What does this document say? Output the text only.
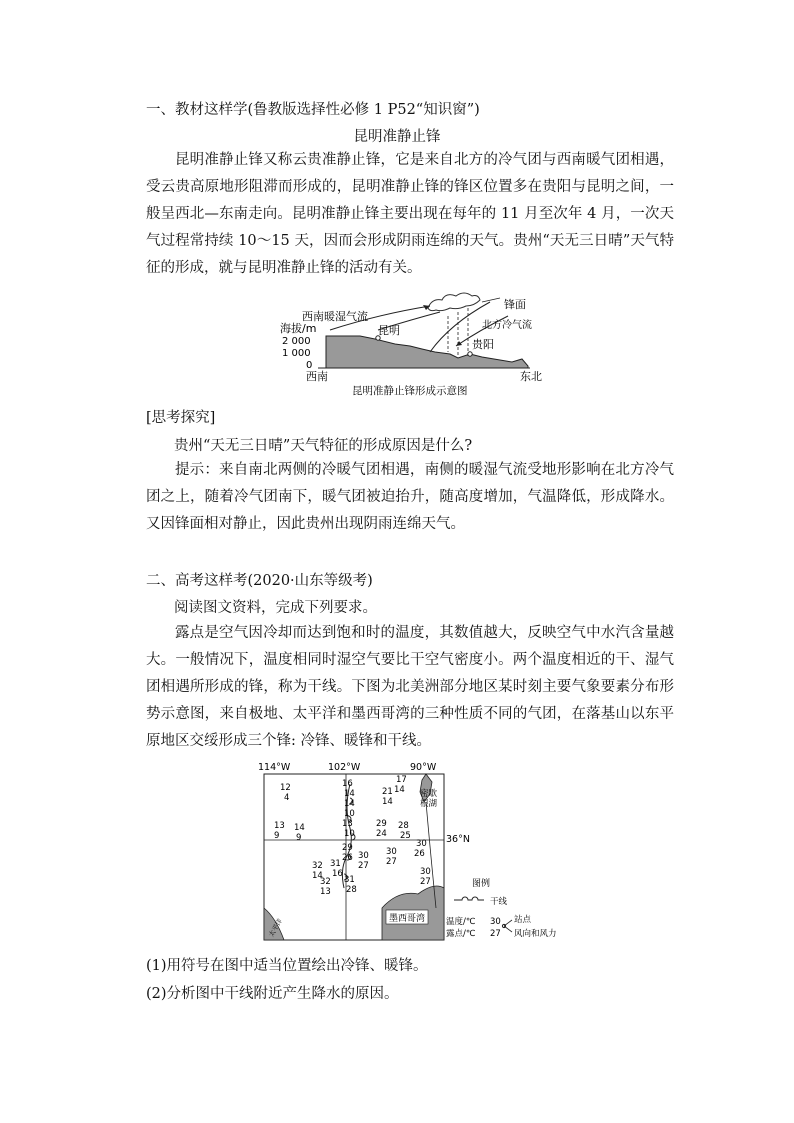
一、教材这样学(鲁教版选择性必修 1 P52“知识窗”)
昆明准静止锋
昆明准静止锋又称云贵准静止锋，它是来自北方的冷气团与西南暖气团相遇，受云贵高原地形阻滞而形成的，昆明准静止锋的锋区位置多在贵阳与昆明之间，一般呈西北—东南走向。昆明准静止锋主要出现在每年的 11 月至次年 4 月，一次天气过程常持续 10～15 天，因而会形成阴雨连绵的天气。贵州“天无三日晴”天气特征的形成，就与昆明准静止锋的活动有关。
西南暖湿气流
锋面
北方冷气流
海拔/m
2 000
1 000
0
昆明
贵阳
西南	东北
昆明准静止锋形成示意图
[思考探究]
贵州“天无三日晴”天气特征的形成原因是什么?
提示：来自南北两侧的冷暖气团相遇，南侧的暖湿气流受地形影响在北方冷气团之上，随着冷气团南下，暖气团被迫抬升，随高度增加，气温降低，形成降水。又因锋面相对静止，因此贵州出现阴雨连绵天气。
二、高考这样考(2020·山东等级考)
阅读图文资料，完成下列要求。
露点是空气因冷却而达到饱和时的温度，其数值越大，反映空气中水汽含量越大。一般情况下，温度相同时湿空气要比干空气密度小。两个温度相近的干、湿气团相遇所形成的锋，称为干线。下图为北美洲部分地区某时刻主要气象要素分布形势示意图，来自极地、太平洋和墨西哥湾的三种性质不同的气团，在落基山以东平原地区交绥形成三个锋: 冷锋、暖锋和干线。
114°W	102°W	90°W
36°N
密歇
根湖
墨西哥湾
太平洋
12
4
16
14
17
14
21
14
14
10
13
9
14
9
13
10
29
24
28
25
30
26
30
27
29
26 30
27
32
14
31
16
32
13
31
28
30
27	图例
干线
温度/℃
露点/℃
30
27
站点
风向和风力
(1)用符号在图中适当位置绘出冷锋、暖锋。
(2)分析图中干线附近产生降水的原因。
